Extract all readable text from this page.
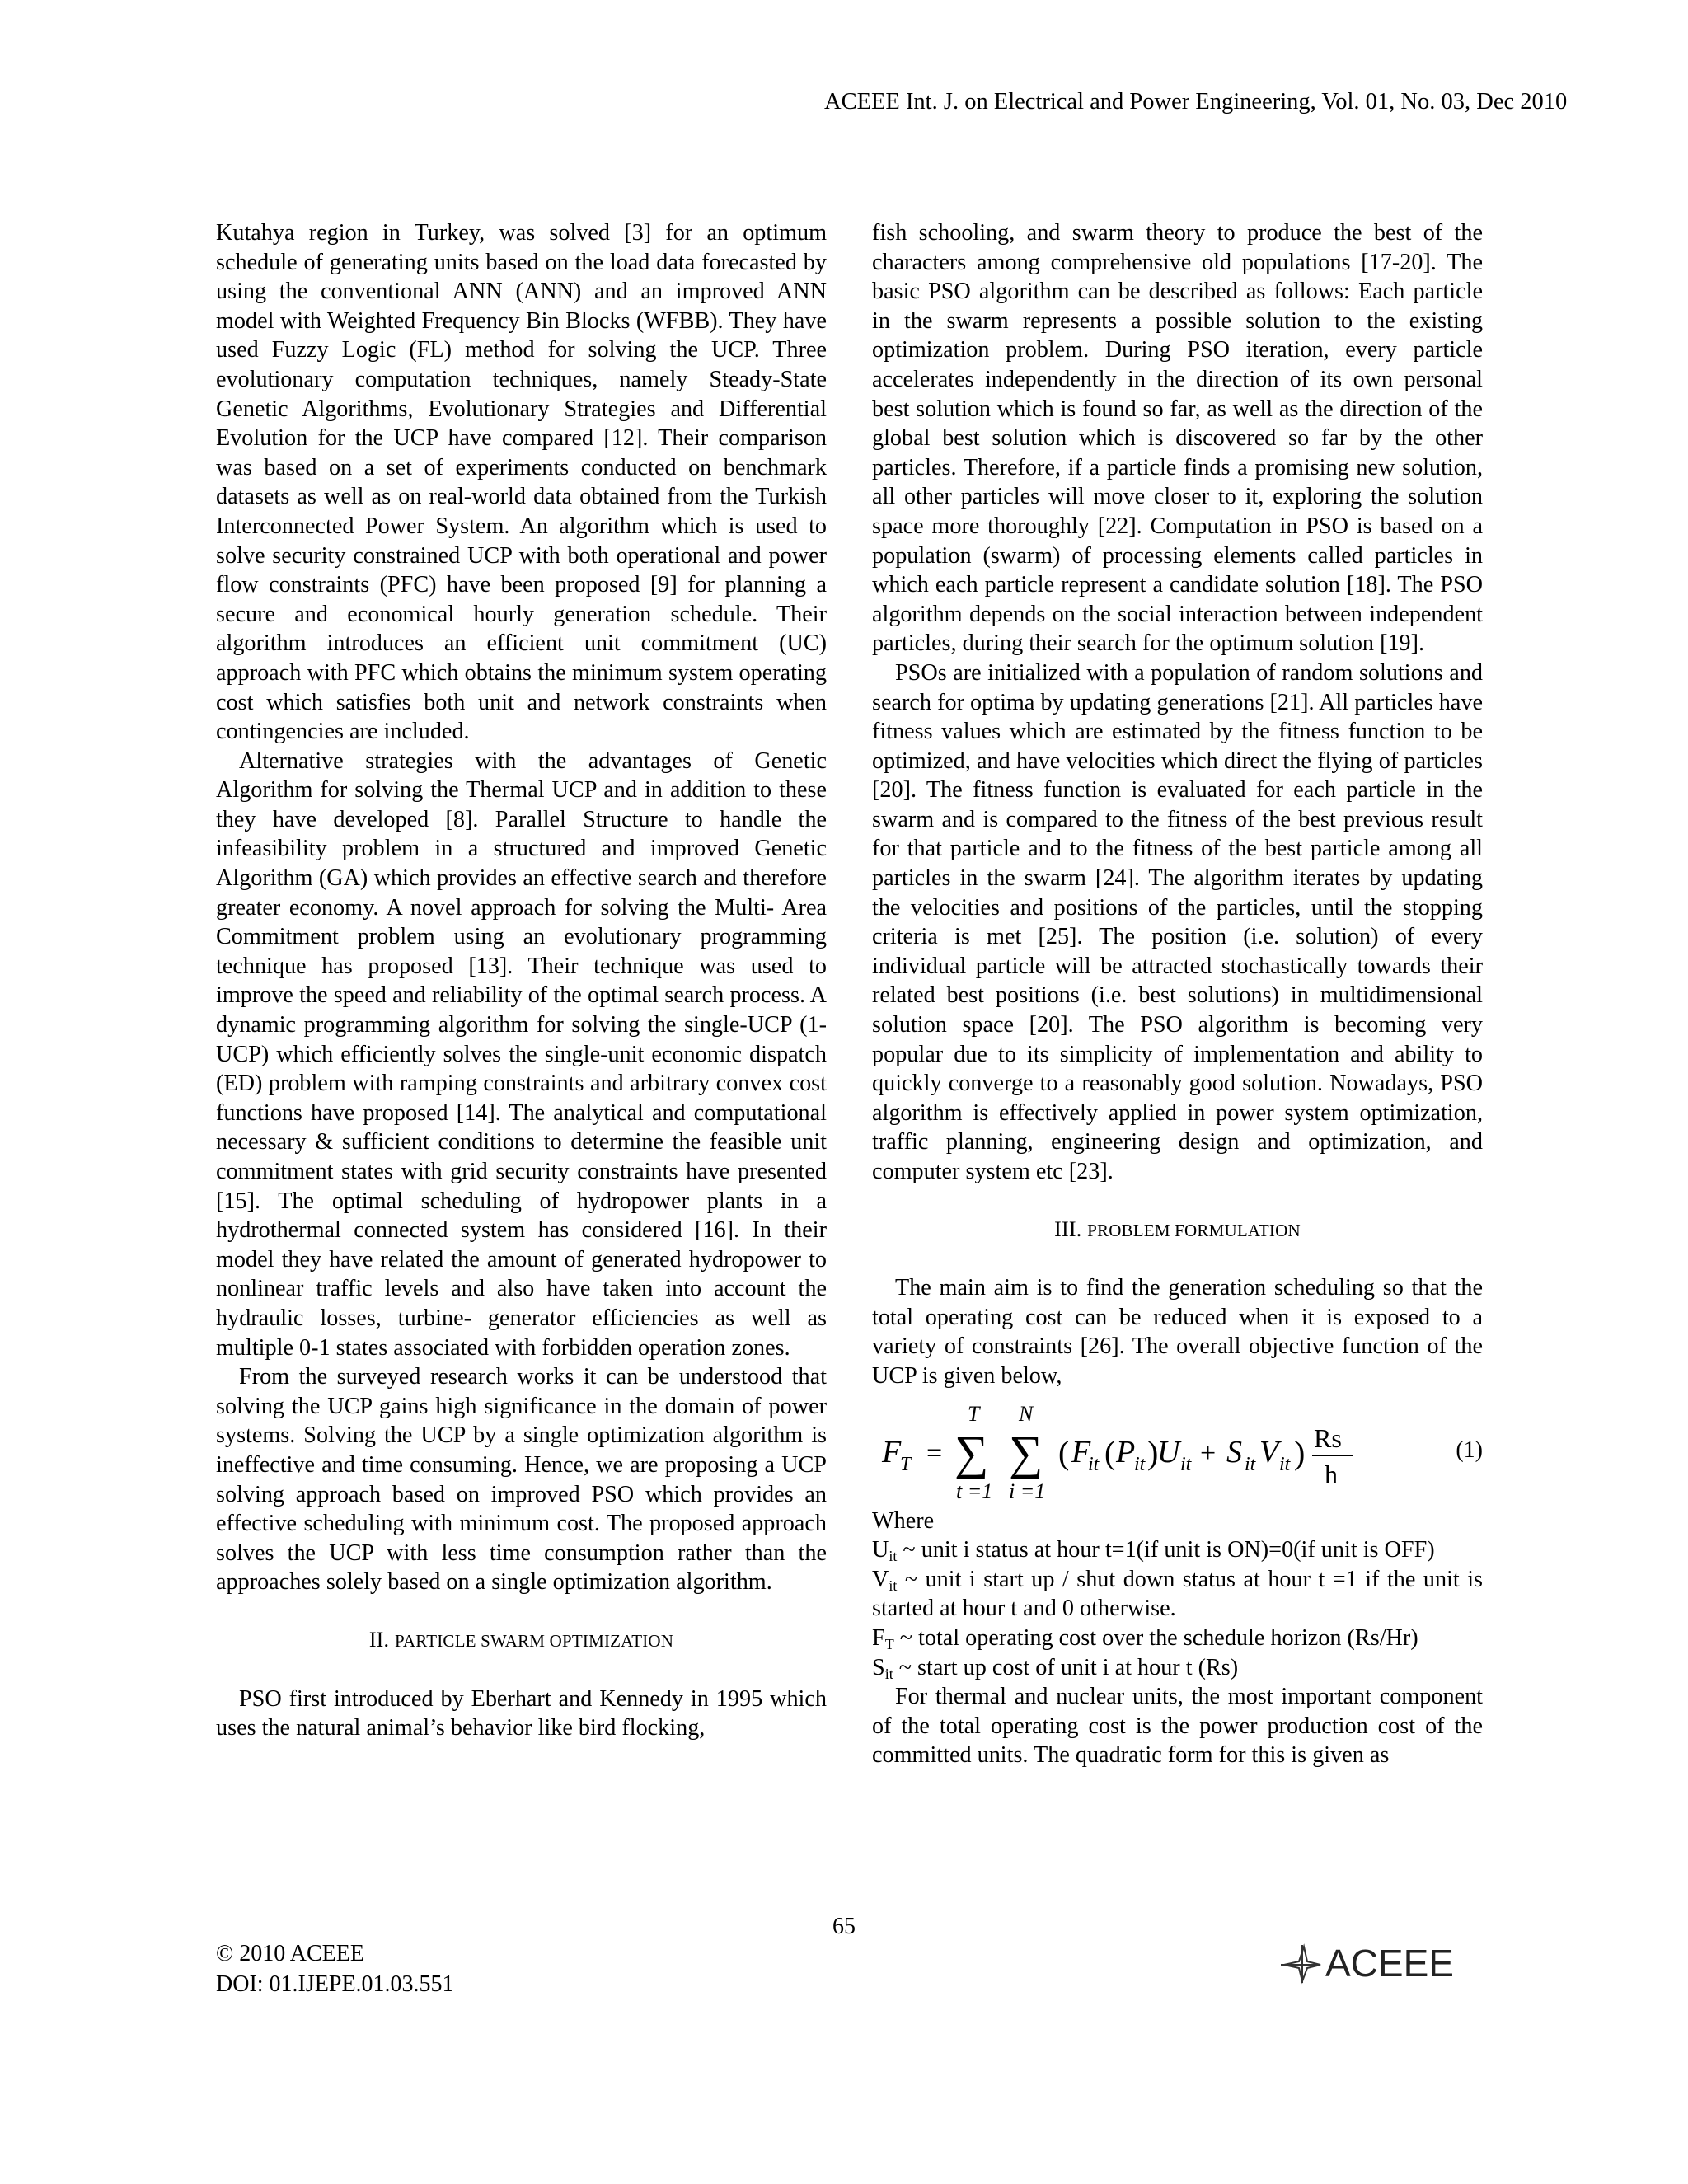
ACEEE Int. J. on Electrical and Power Engineering, Vol. 01, No. 03, Dec 2010

Kutahya region in Turkey, was solved [3] for an optimum schedule of generating units based on the load data forecasted by using the conventional ANN (ANN) and an improved ANN model with Weighted Frequency Bin Blocks (WFBB). They have used Fuzzy Logic (FL) method for solving the UCP. Three evolutionary computation techniques, namely Steady-State Genetic Algorithms, Evolutionary Strategies and Differential Evolution for the UCP have compared [12]. Their comparison was based on a set of experiments conducted on benchmark datasets as well as on real-world data obtained from the Turkish Interconnected Power System. An algorithm which is used to solve security constrained UCP with both operational and power flow constraints (PFC) have been proposed [9] for planning a secure and economical hourly generation schedule. Their algorithm introduces an efficient unit commitment (UC) approach with PFC which obtains the minimum system operating cost which satisfies both unit and network constraints when contingencies are included.

Alternative strategies with the advantages of Genetic Algorithm for solving the Thermal UCP and in addition to these they have developed [8]. Parallel Structure to handle the infeasibility problem in a structured and improved Genetic Algorithm (GA) which provides an effective search and therefore greater economy. A novel approach for solving the Multi- Area Commitment problem using an evolutionary programming technique has proposed [13]. Their technique was used to improve the speed and reliability of the optimal search process. A dynamic programming algorithm for solving the single-UCP (1-UCP) which efficiently solves the single-unit economic dispatch (ED) problem with ramping constraints and arbitrary convex cost functions have proposed [14]. The analytical and computational necessary & sufficient conditions to determine the feasible unit commitment states with grid security constraints have presented [15]. The optimal scheduling of hydropower plants in a hydrothermal connected system has considered [16]. In their model they have related the amount of generated hydropower to nonlinear traffic levels and also have taken into account the hydraulic losses, turbine- generator efficiencies as well as multiple 0-1 states associated with forbidden operation zones.

From the surveyed research works it can be understood that solving the UCP gains high significance in the domain of power systems. Solving the UCP by a single optimization algorithm is ineffective and time consuming. Hence, we are proposing a UCP solving approach based on improved PSO which provides an effective scheduling with minimum cost. The proposed approach solves the UCP with less time consumption rather than the approaches solely based on a single optimization algorithm.

II. PARTICLE SWARM OPTIMIZATION

PSO first introduced by Eberhart and Kennedy in 1995 which uses the natural animal’s behavior like bird flocking,

fish schooling, and swarm theory to produce the best of the characters among comprehensive old populations [17-20]. The basic PSO algorithm can be described as follows: Each particle in the swarm represents a possible solution to the existing optimization problem. During PSO iteration, every particle accelerates independently in the direction of its own personal best solution which is found so far, as well as the direction of the global best solution which is discovered so far by the other particles. Therefore, if a particle finds a promising new solution, all other particles will move closer to it, exploring the solution space more thoroughly [22]. Computation in PSO is based on a population (swarm) of processing elements called particles in which each particle represent a candidate solution [18]. The PSO algorithm depends on the social interaction between independent particles, during their search for the optimum solution [19].

PSOs are initialized with a population of random solutions and search for optima by updating generations [21]. All particles have fitness values which are estimated by the fitness function to be optimized, and have velocities which direct the flying of particles [20]. The fitness function is evaluated for each particle in the swarm and is compared to the fitness of the best previous result for that particle and to the fitness of the best particle among all particles in the swarm [24]. The algorithm iterates by updating the velocities and positions of the particles, until the stopping criteria is met [25]. The position (i.e. solution) of every individual particle will be attracted stochastically towards their related best positions (i.e. best solutions) in multidimensional solution space [20]. The PSO algorithm is becoming very popular due to its simplicity of implementation and ability to quickly converge to a reasonably good solution. Nowadays, PSO algorithm is effectively applied in power system optimization, traffic planning, engineering design and optimization, and computer system etc [23].

III. PROBLEM FORMULATION

The main aim is to find the generation scheduling so that the total operating cost can be reduced when it is exposed to a variety of constraints [26]. The overall objective function of the UCP is given below,

F
T =
T
∑
t =1
N
∑
i =1
( F
it ( P
it )
U it + S it V it ) Rs
h
(1)

Where

$U_{it}$ ~ unit i status at hour t=1(if unit is ON)=0(if unit is OFF)

$V_{it}$ ~ unit i start up / shut down status at hour t =1 if the unit is started at hour t and 0 otherwise.

$F_T$ ~ total operating cost over the schedule horizon (Rs/Hr)

$S_{it}$ ~ start up cost of unit i at hour t (Rs)

For thermal and nuclear units, the most important component of the total operating cost is the power production cost of the committed units. The quadratic form for this is given as

65
© 2010 ACEEE
DOI: 01.IJEPE.01.03.551	ACEEE
